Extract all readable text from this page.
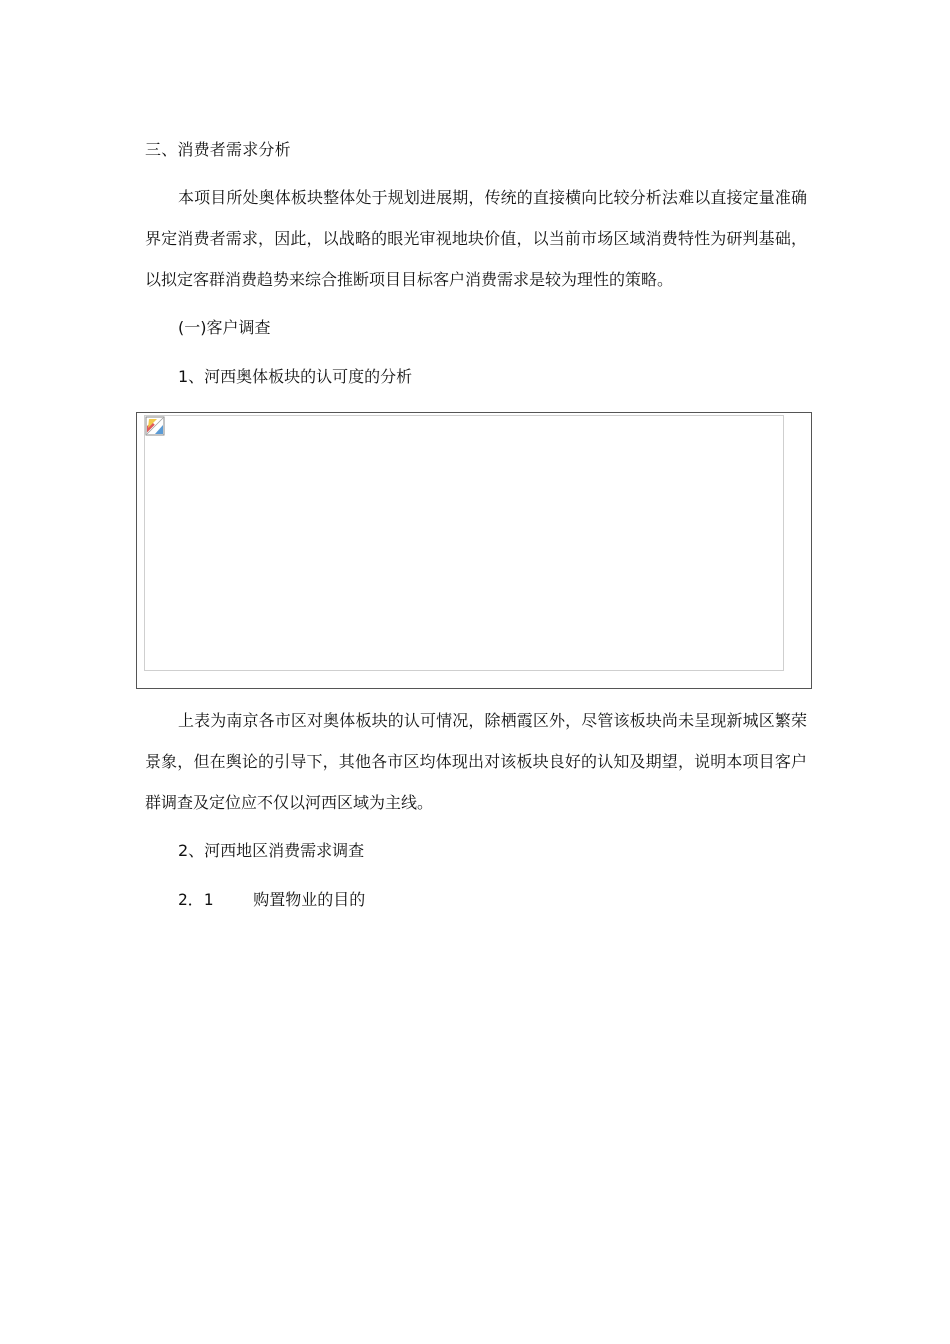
三、消费者需求分析

本项目所处奥体板块整体处于规划进展期，传统的直接横向比较分析法难以直接定量准确界定消费者需求，因此，以战略的眼光审视地块价值，以当前市场区域消费特性为研判基础，以拟定客群消费趋势来综合推断项目目标客户消费需求是较为理性的策略。

(一)客户调查
1、河西奥体板块的认可度的分析

上表为南京各市区对奥体板块的认可情况，除栖霞区外，尽管该板块尚未呈现新城区繁荣景象，但在舆论的引导下，其他各市区均体现出对该板块良好的认知及期望，说明本项目客户群调查及定位应不仅以河西区域为主线。

2、河西地区消费需求调查
2．1	购置物业的目的
